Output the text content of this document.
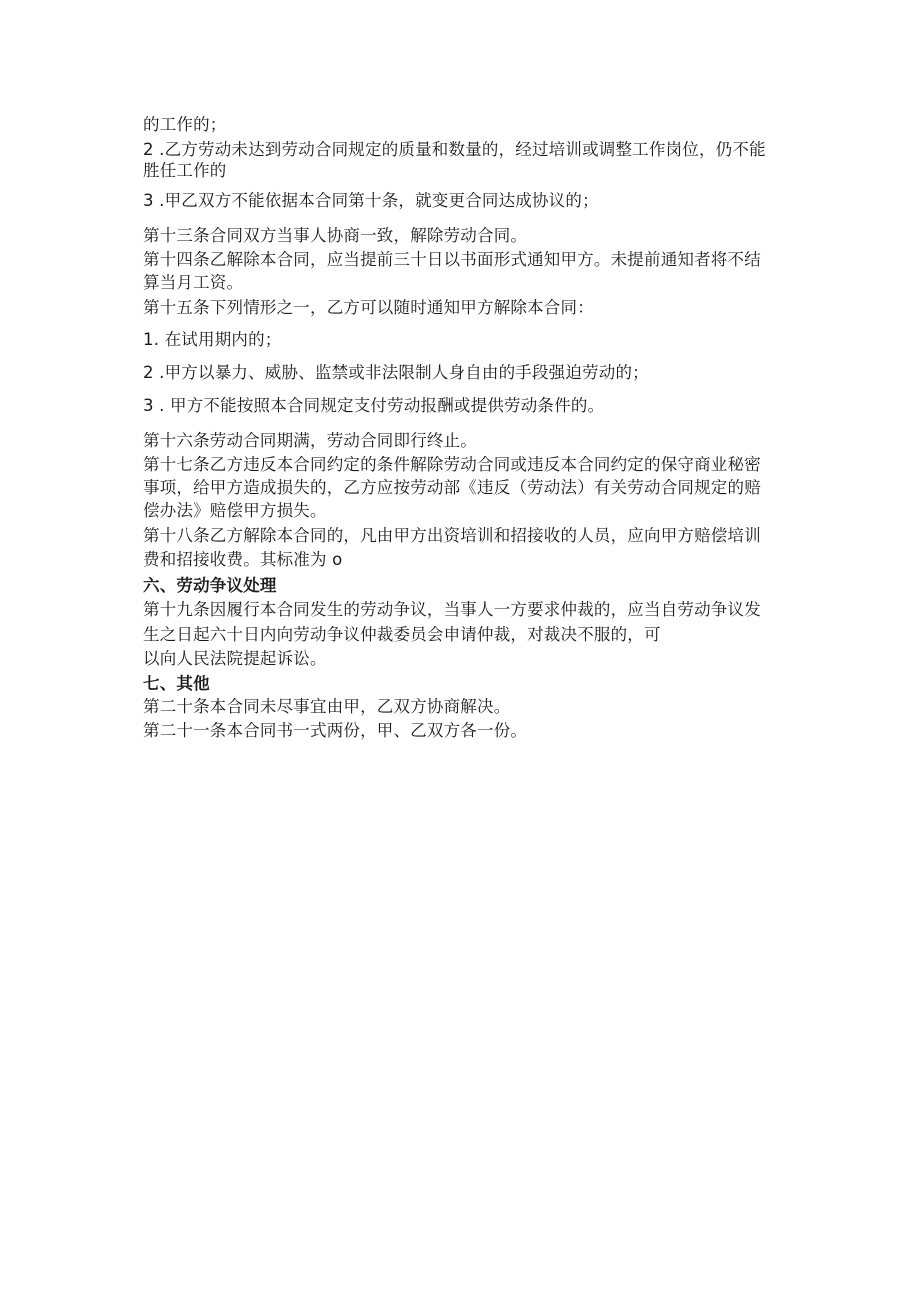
的工作的；
2 .乙方劳动未达到劳动合同规定的质量和数量的，经过培训或调整工作岗位，仍不能
胜任工作的
3 .甲乙双方不能依据本合同第十条，就变更合同达成协议的；
第十三条合同双方当事人协商一致，解除劳动合同。
第十四条乙解除本合同，应当提前三十日以书面形式通知甲方。未提前通知者将不结
算当月工资。
第十五条下列情形之一，乙方可以随时通知甲方解除本合同：
1. 在试用期内的；
2 .甲方以暴力、威胁、监禁或非法限制人身自由的手段强迫劳动的；
3 . 甲方不能按照本合同规定支付劳动报酬或提供劳动条件的。
第十六条劳动合同期满，劳动合同即行终止。
第十七条乙方违反本合同约定的条件解除劳动合同或违反本合同约定的保守商业秘密
事项，给甲方造成损失的，乙方应按劳动部《违反（劳动法）有关劳动合同规定的赔
偿办法》赔偿甲方损失。
第十八条乙方解除本合同的，凡由甲方出资培训和招接收的人员，应向甲方赔偿培训
费和招接收费。其标准为 o
六、劳动争议处理
第十九条因履行本合同发生的劳动争议，当事人一方要求仲裁的，应当自劳动争议发
生之日起六十日内向劳动争议仲裁委员会申请仲裁，对裁决不服的，可
以向人民法院提起诉讼。
七、其他
第二十条本合同未尽事宜由甲，乙双方协商解决。
第二十一条本合同书一式两份，甲、乙双方各一份。
